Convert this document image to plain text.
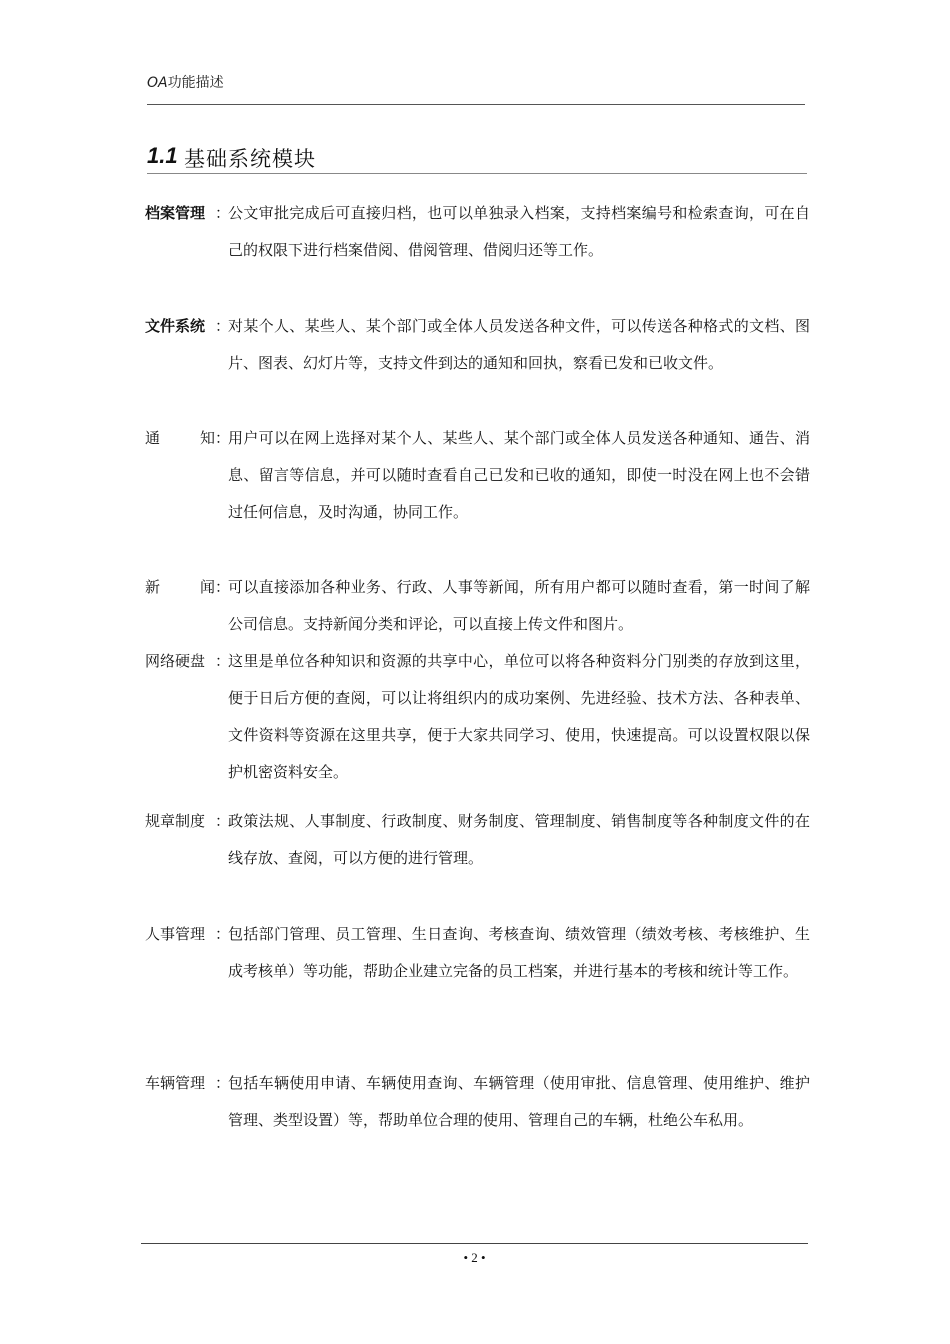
OA功能描述
1.1 基础系统模块
档案管理 ：
公文审批完成后可直接归档，也可以单独录入档案，支持档案编号和检索查询，可在自己的权限下进行档案借阅、借阅管理、借阅归还等工作。
文件系统 ：
对某个人、某些人、某个部门或全体人员发送各种文件，可以传送各种格式的文档、图片、图表、幻灯片等，支持文件到达的通知和回执，察看已发和已收文件。
通	知 ：
用户可以在网上选择对某个人、某些人、某个部门或全体人员发送各种通知、通告、消息、留言等信息，并可以随时查看自己已发和已收的通知，即使一时没在网上也不会错过任何信息，及时沟通，协同工作。
新	闻 ：
可以直接添加各种业务、行政、人事等新闻，所有用户都可以随时查看，第一时间了解公司信息。支持新闻分类和评论，可以直接上传文件和图片。
网络硬盘 ：
这里是单位各种知识和资源的共享中心，单位可以将各种资料分门别类的存放到这里，便于日后方便的查阅，可以让将组织内的成功案例、先进经验、技术方法、各种表单、文件资料等资源在这里共享，便于大家共同学习、使用，快速提高。可以设置权限以保护机密资料安全。
规章制度 ：
政策法规、人事制度、行政制度、财务制度、管理制度、销售制度等各种制度文件的在线存放、查阅，可以方便的进行管理。
人事管理 ：
包括部门管理、员工管理、生日查询、考核查询、绩效管理（绩效考核、考核维护、生成考核单）等功能，帮助企业建立完备的员工档案，并进行基本的考核和统计等工作。
车辆管理 ：
包括车辆使用申请、车辆使用查询、车辆管理（使用审批、信息管理、使用维护、维护管理、类型设置）等，帮助单位合理的使用、管理自己的车辆，杜绝公车私用。
• 2 •
